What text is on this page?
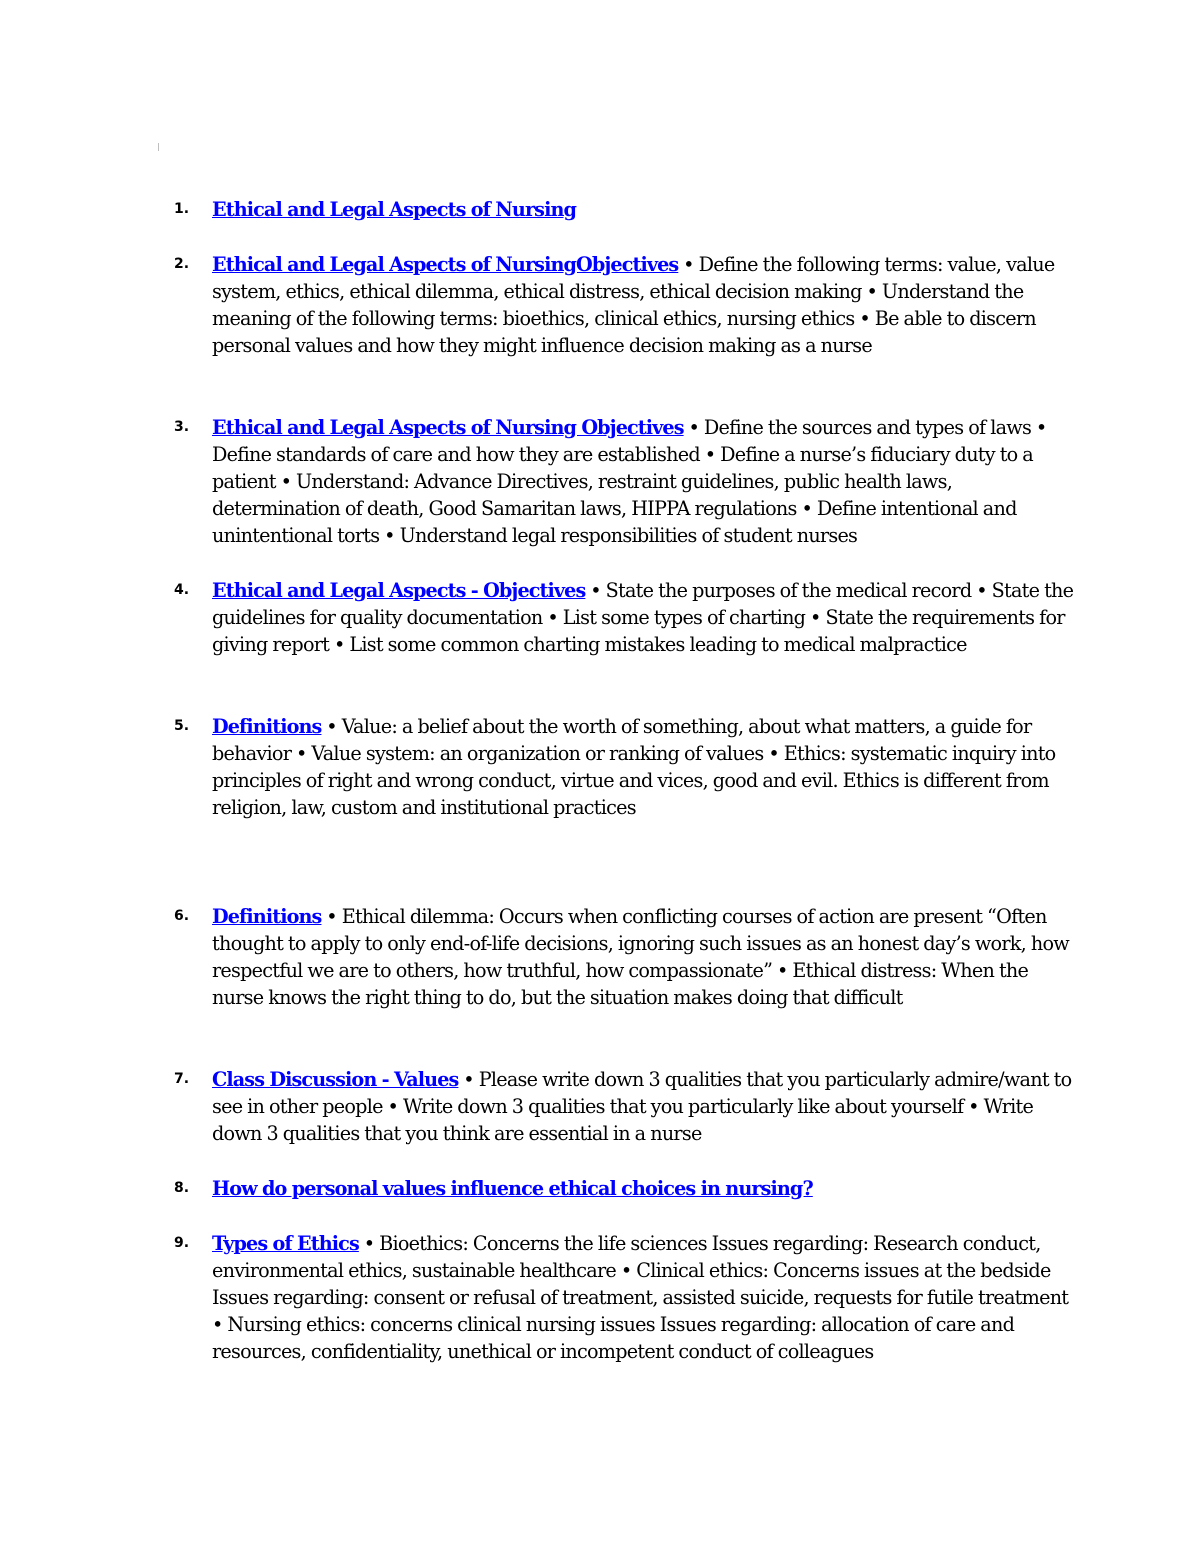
1.	Ethical and Legal Aspects of Nursing
2.	Ethical and Legal Aspects of NursingObjectives • Define the following terms: value, value system, ethics, ethical dilemma, ethical distress, ethical decision making • Understand the meaning of the following terms: bioethics, clinical ethics, nursing ethics • Be able to discern personal values and how they might influence decision making as a nurse
3.	Ethical and Legal Aspects of Nursing Objectives • Define the sources and types of laws • Define standards of care and how they are established • Define a nurse’s fiduciary duty to a patient • Understand: Advance Directives, restraint guidelines, public health laws, determination of death, Good Samaritan laws, HIPPA regulations • Define intentional and unintentional torts • Understand legal responsibilities of student nurses
4.	Ethical and Legal Aspects - Objectives • State the purposes of the medical record • State the guidelines for quality documentation • List some types of charting • State the requirements for giving report • List some common charting mistakes leading to medical malpractice
5.	Definitions • Value: a belief about the worth of something, about what matters, a guide for behavior • Value system: an organization or ranking of values • Ethics: systematic inquiry into principles of right and wrong conduct, virtue and vices, good and evil. Ethics is different from religion, law, custom and institutional practices
6.	Definitions • Ethical dilemma: Occurs when conflicting courses of action are present “Often thought to apply to only end-of-life decisions, ignoring such issues as an honest day’s work, how respectful we are to others, how truthful, how compassionate” • Ethical distress: When the nurse knows the right thing to do, but the situation makes doing that difficult
7.	Class Discussion - Values • Please write down 3 qualities that you particularly admire/want to see in other people • Write down 3 qualities that you particularly like about yourself • Write down 3 qualities that you think are essential in a nurse
8.	How do personal values influence ethical choices in nursing?
9.	Types of Ethics • Bioethics: Concerns the life sciences Issues regarding: Research conduct, environmental ethics, sustainable healthcare • Clinical ethics: Concerns issues at the bedside Issues regarding: consent or refusal of treatment, assisted suicide, requests for futile treatment • Nursing ethics: concerns clinical nursing issues Issues regarding: allocation of care and resources, confidentiality, unethical or incompetent conduct of colleagues
